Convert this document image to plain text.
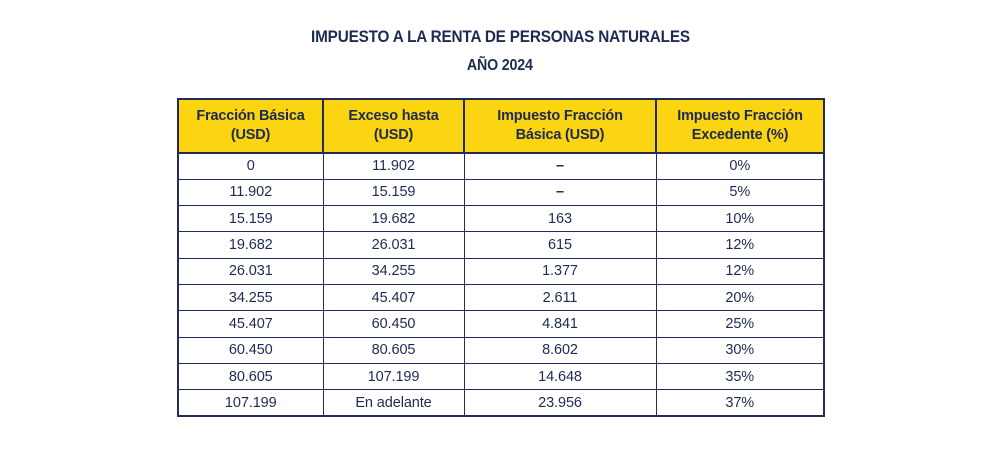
IMPUESTO A LA RENTA DE PERSONAS NATURALES
AÑO 2024
Fracción Básica (USD)	Exceso hasta (USD)	Impuesto Fracción Básica (USD)	Impuesto Fracción Excedente (%)
0	11.902	–	0%
11.902	15.159	–	5%
15.159	19.682	163	10%
19.682	26.031	615	12%
26.031	34.255	1.377	12%
34.255	45.407	2.611	20%
45.407	60.450	4.841	25%
60.450	80.605	8.602	30%
80.605	107.199	14.648	35%
107.199	En adelante	23.956	37%
